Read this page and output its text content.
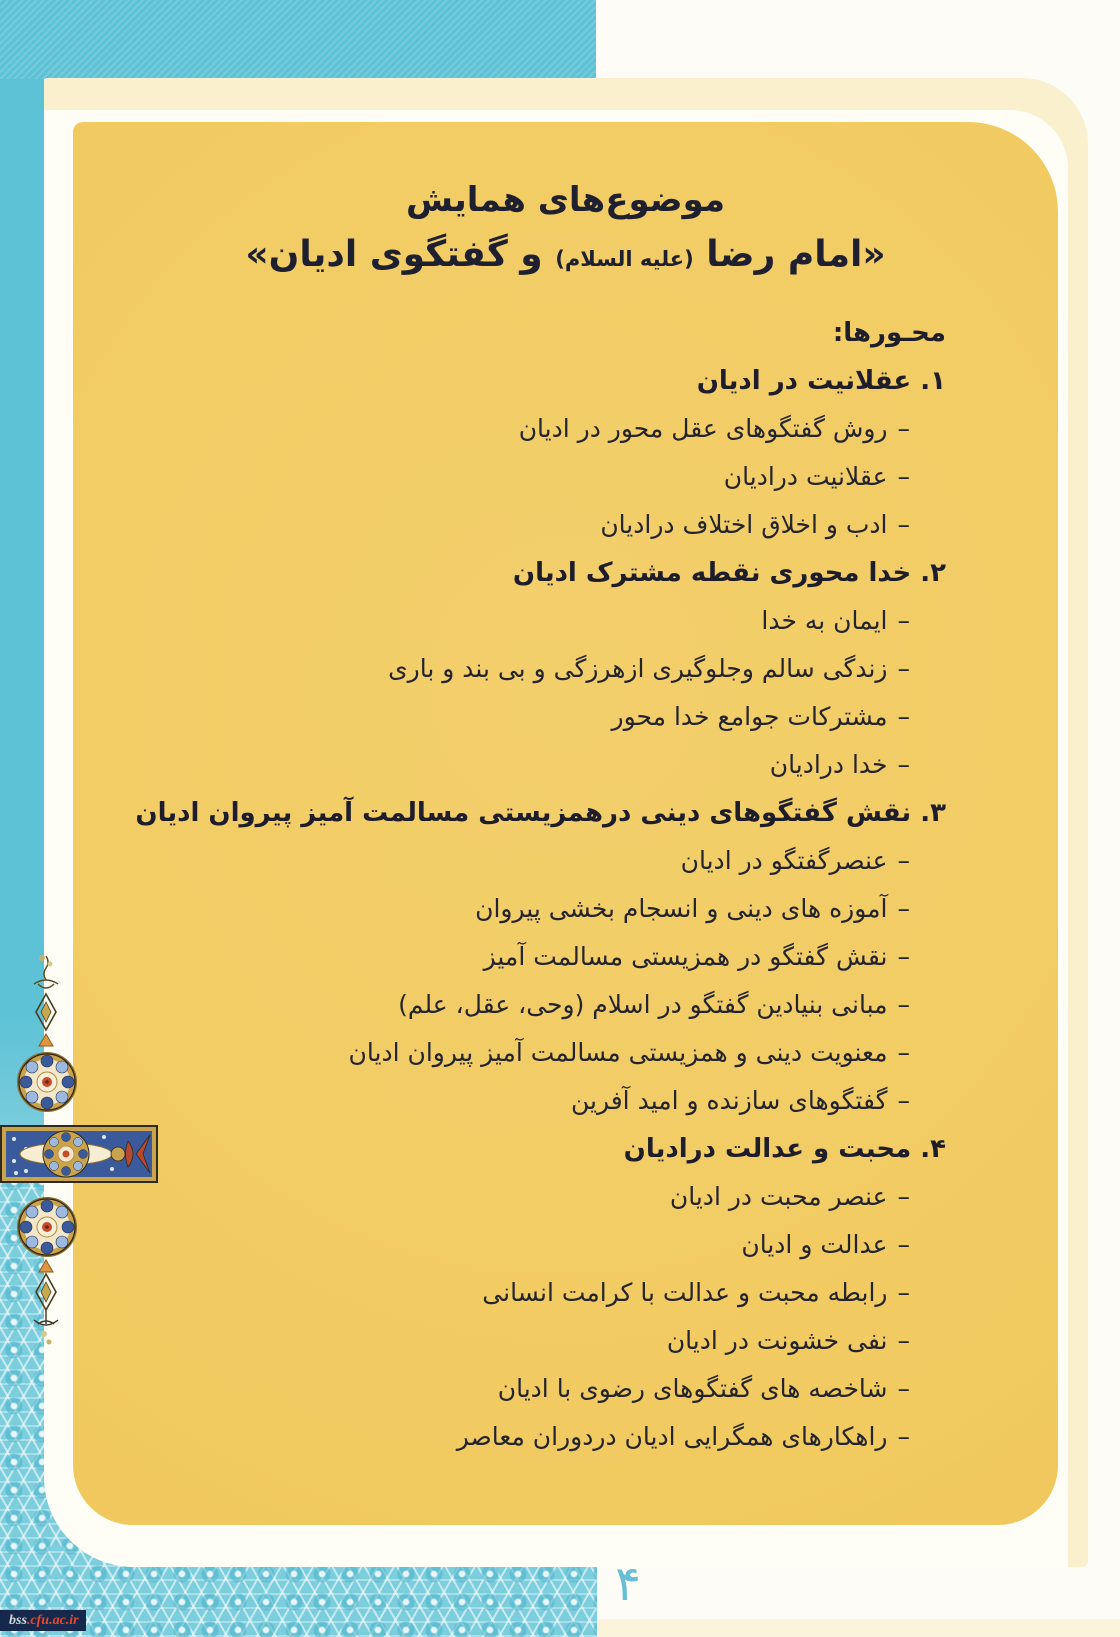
موضوع‌های همایش
«امام رضا (علیه السلام) و گفتگوی ادیان»
محـورها:
۱. عقلانیت در ادیان
–روش گفتگوهای عقل محور در ادیان
–عقلانیت درادیان
–ادب و اخلاق اختلاف درادیان
۲. خدا محوری نقطه مشترک ادیان
–ایمان به خدا
–زندگی سالم وجلوگیری ازهرزگی و بی بند و باری
–مشترکات جوامع خدا محور
–خدا درادیان
۳. نقش گفتگوهای دینی درهمزیستی مسالمت آمیز پیروان ادیان
–عنصرگفتگو در ادیان
–آموزه های دینی و انسجام بخشی پیروان
–نقش گفتگو در همزیستی مسالمت آمیز
–مبانی بنیادین گفتگو در اسلام (وحی، عقل، علم)
–معنویت دینی و همزیستی مسالمت آمیز پیروان ادیان
–گفتگوهای سازنده و امید آفرین
۴. محبت و عدالت درادیان
–عنصر محبت در ادیان
–عدالت و ادیان
–رابطه محبت و عدالت با کرامت انسانی
–نفی خشونت در ادیان
–شاخصه های گفتگوهای رضوی با ادیان
–راهکارهای همگرایی ادیان دردوران معاصر
۴
bss.cfu.ac.ir
